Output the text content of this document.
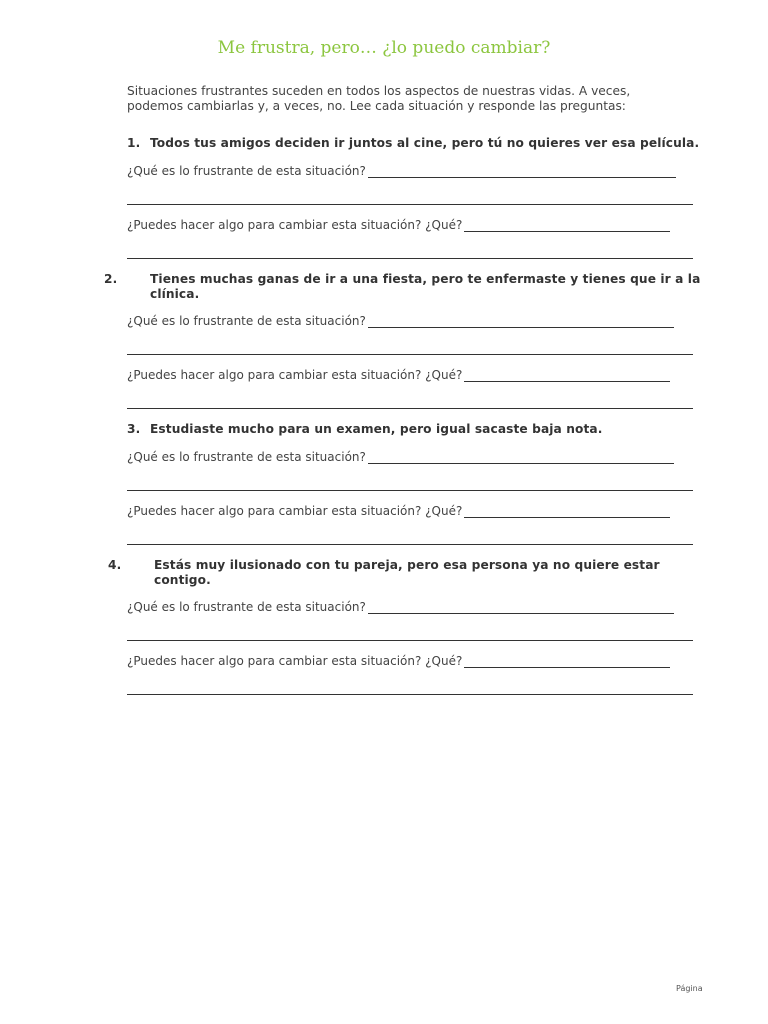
Me frustra, pero… ¿lo puedo cambiar?
Situaciones frustrantes suceden en todos los aspectos de nuestras vidas. A veces, podemos cambiarlas y, a veces, no. Lee cada situación y responde las preguntas:
1. Todos tus amigos deciden ir juntos al cine, pero tú no quieres ver esa película.
¿Qué es lo frustrante de esta situación?
¿Puedes hacer algo para cambiar esta situación? ¿Qué?
2.	Tienes muchas ganas de ir a una fiesta, pero te enfermaste y tienes que ir a la clínica.
¿Qué es lo frustrante de esta situación?
¿Puedes hacer algo para cambiar esta situación? ¿Qué?
3. Estudiaste mucho para un examen, pero igual sacaste baja nota.
¿Qué es lo frustrante de esta situación?
¿Puedes hacer algo para cambiar esta situación? ¿Qué?
4.	Estás muy ilusionado con tu pareja, pero esa persona ya no quiere estar contigo.
¿Qué es lo frustrante de esta situación?
¿Puedes hacer algo para cambiar esta situación? ¿Qué?
Página
